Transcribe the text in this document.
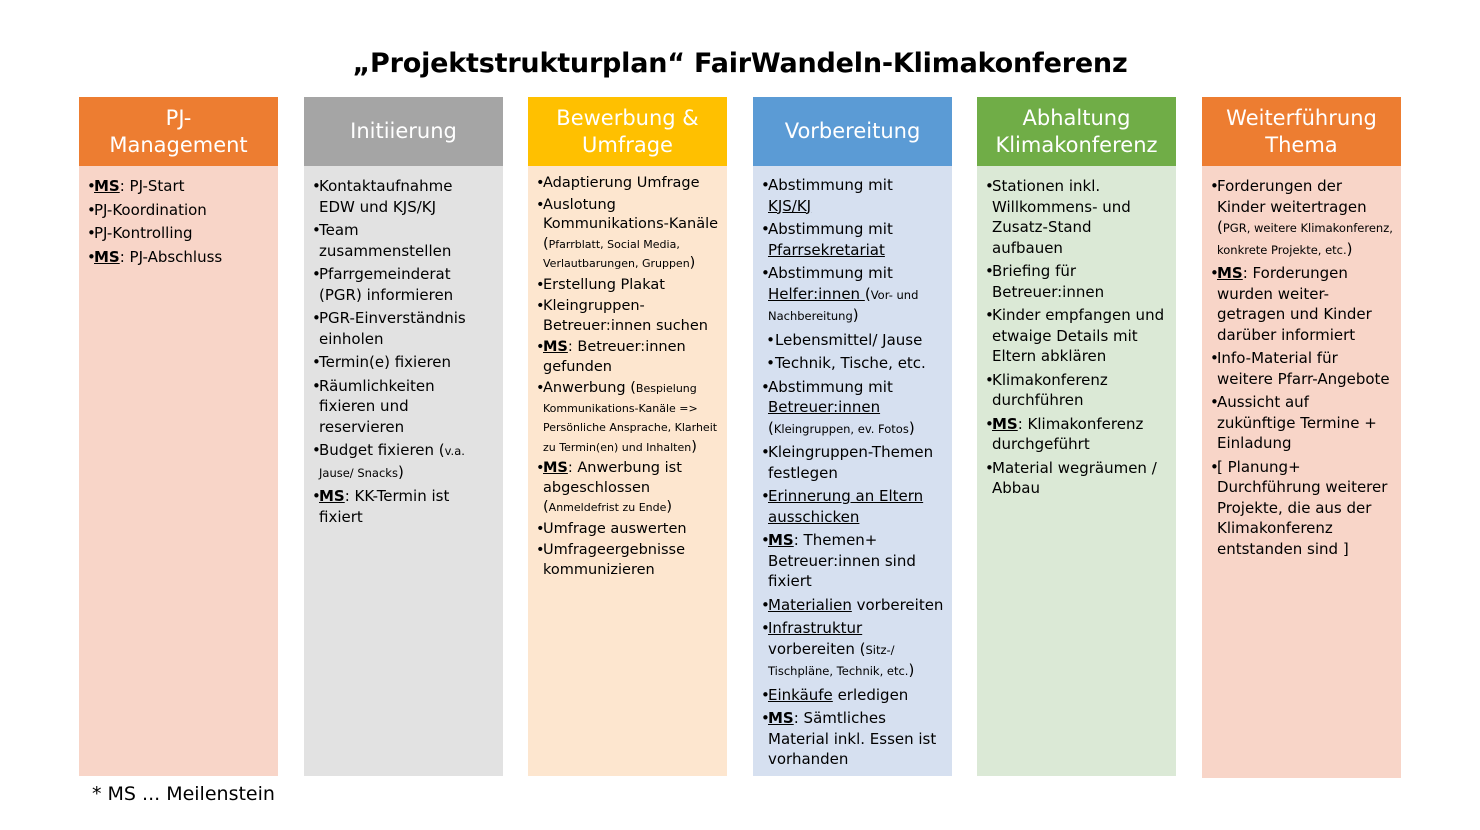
„Projektstrukturplan“ FairWandeln-Klimakonferenz
PJ-
Management
•
MS: PJ-Start
•
PJ-Koordination
•
PJ-Kontrolling
•
MS: PJ-Abschluss
Initiierung
•
Kontaktaufnahme
EDW und KJS/KJ
•
Team
zusammenstellen
•
Pfarrgemeinderat
(PGR) informieren
•
PGR-Einverständnis
einholen
•
Termin(e) fixieren
•
Räumlichkeiten
fixieren und
reservieren
•
Budget fixieren (v.a.
Jause/ Snacks)
•
MS: KK-Termin ist
fixiert
Bewerbung &
Umfrage
•
Adaptierung Umfrage
•
Auslotung
Kommunikations-Kanäle
(Pfarrblatt, Social Media,
Verlautbarungen, Gruppen)
•
Erstellung Plakat
•
Kleingruppen-
Betreuer:innen suchen
•
MS: Betreuer:innen
gefunden
•
Anwerbung (Bespielung
Kommunikations-Kanäle =>
Persönliche Ansprache, Klarheit
zu Termin(en) und Inhalten)
•
MS: Anwerbung ist
abgeschlossen
(Anmeldefrist zu Ende)
•
Umfrage auswerten
•
Umfrageergebnisse
kommunizieren
Vorbereitung
•
Abstimmung mit
KJS/KJ
•
Abstimmung mit
Pfarrsekretariat
•
Abstimmung mit
Helfer:innen (Vor- und
Nachbereitung)
• Lebensmittel/ Jause
• Technik, Tische, etc.
•
Abstimmung mit
Betreuer:innen
(Kleingruppen, ev. Fotos)
•
Kleingruppen-Themen
festlegen
•
Erinnerung an Eltern
ausschicken
•
MS: Themen+
Betreuer:innen sind
fixiert
•
Materialien vorbereiten
•
Infrastruktur
vorbereiten (Sitz-/
Tischpläne, Technik, etc.)
•
Einkäufe erledigen
•
MS: Sämtliches
Material inkl. Essen ist
vorhanden
Abhaltung
Klimakonferenz
•
Stationen inkl.
Willkommens- und
Zusatz-Stand
aufbauen
•
Briefing für
Betreuer:innen
•
Kinder empfangen und
etwaige Details mit
Eltern abklären
•
Klimakonferenz
durchführen
•
MS: Klimakonferenz
durchgeführt
•
Material wegräumen /
Abbau
Weiterführung
Thema
•
Forderungen der
Kinder weitertragen
(PGR, weitere Klimakonferenz,
konkrete Projekte, etc.)
•
MS: Forderungen
wurden weiter-
getragen und Kinder
darüber informiert
•
Info-Material für
weitere Pfarr-Angebote
•
Aussicht auf
zukünftige Termine +
Einladung
•
[ Planung+
Durchführung weiterer
Projekte, die aus der
Klimakonferenz
entstanden sind ]
* MS ... Meilenstein
